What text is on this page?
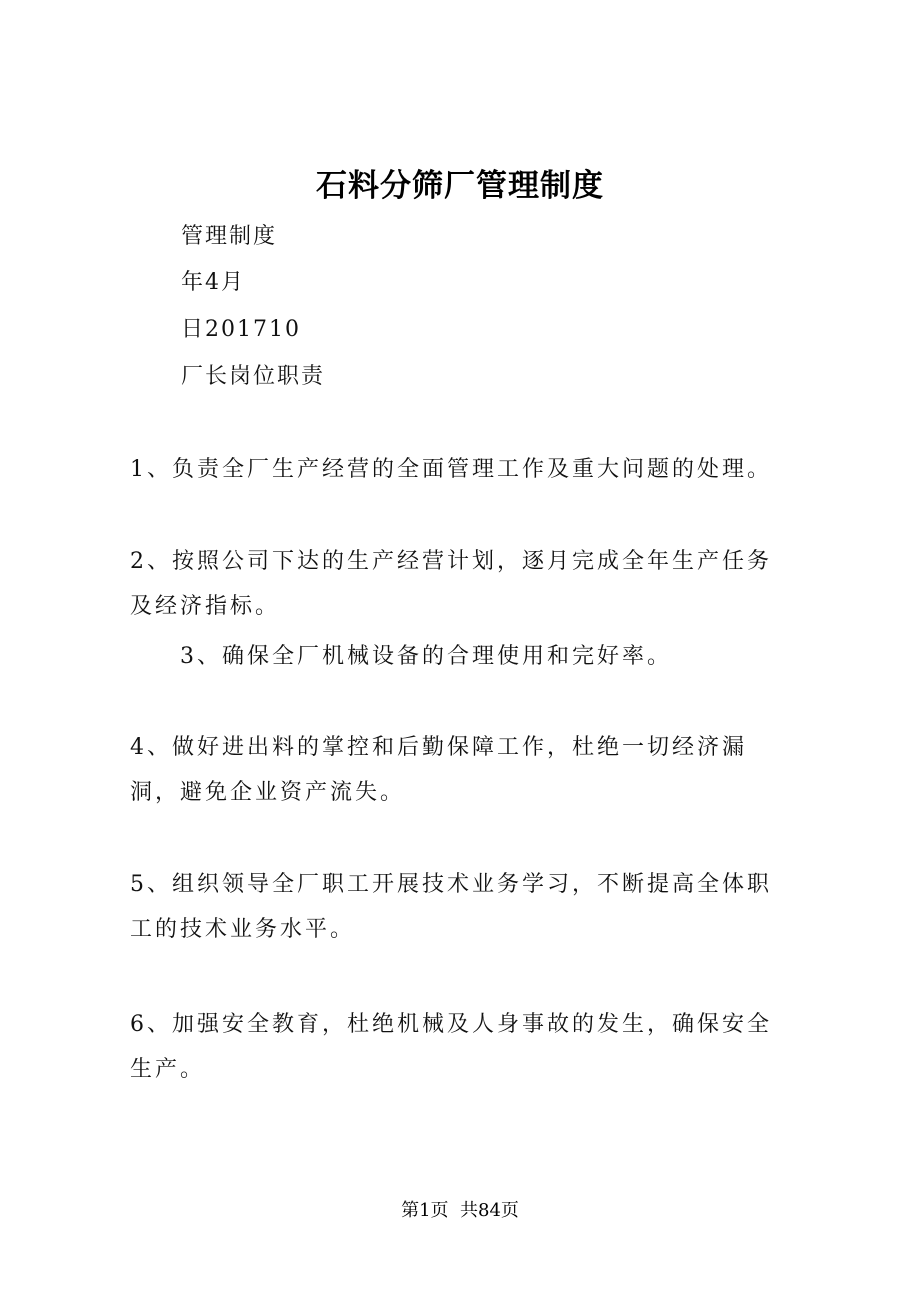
石料分筛厂管理制度
管理制度
年4月
日201710
厂长岗位职责

1、负责全厂生产经营的全面管理工作及重大问题的处理。

2、按照公司下达的生产经营计划，逐月完成全年生产任务及经济指标。

3、确保全厂机械设备的合理使用和完好率。

4、做好进出料的掌控和后勤保障工作，杜绝一切经济漏洞，避免企业资产流失。

5、组织领导全厂职工开展技术业务学习，不断提高全体职工的技术业务水平。

6、加强安全教育，杜绝机械及人身事故的发生，确保安全生产。

第1页  共84页
